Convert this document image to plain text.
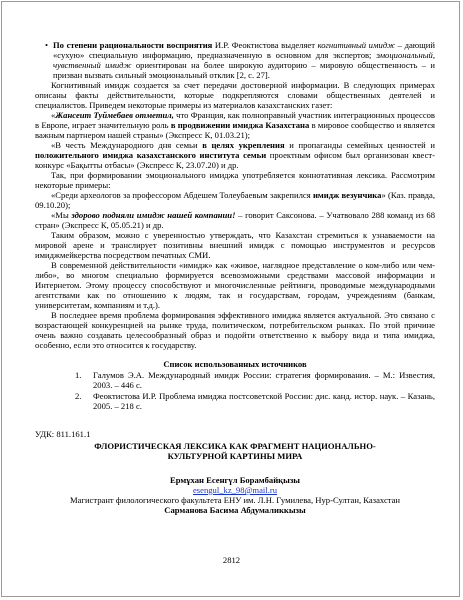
• По степени рациональности восприятия И.Р. Феоктистова выделяет когнитивный имидж – дающий «сухую» специальную информацию, предназначенную в основном для экспертов; эмоциональный, чувственный имидж ориентирован на более широкую аудиторию – мировую общественность – и призван вызвать сильный эмоциональный отклик [2, с. 27].

Когнитивный имидж создается за счет передачи достоверной информации. В следующих примерах описаны факты действительности, которые подкрепляются словами общественных деятелей и специалистов. Приведем некоторые примеры из материалов казахстанских газет:

«Жансеит Туймебаев отметил, что Франция, как полноправный участник интеграционных процессов в Европе, играет значительную роль в продвижении имиджа Казахстана в мировое сообщество и является важным партнером нашей страны» (Экспресс К, 01.03.21);

«В честь Международного дня семьи в целях укрепления и пропаганды семейных ценностей и положительного имиджа казахстанского института семьи проектным офисом был организован квест-конкурс «Бақытты отбасы» (Экспресс К, 23.07.20) и др.

Так, при формировании эмоционального имиджа употребляется коннотативная лексика. Рассмотрим некоторые примеры:

«Среди археологов за профессором Абдешем Толеубаевым закрепился имидж везунчика» (Каз. правда, 09.10.20);

«Мы здорово подняли имидж нашей компании! – говорит Саксонова. – Учатвовало 288 команд из 68 стран» (Экспресс К, 05.05.21) и др.

Таким образом, можно с уверенностью утверждать, что Казахстан стремиться к узнаваемости на мировой арене и транслирует позитивны внешний имидж с помощью инструментов и ресурсов имиджмейкерства посредством печатных СМИ.

В современной действительности «имидж» как «живое, наглядное представление о ком-либо или чем-либо», во многом специально формируется всевозможными средствами массовой информации и Интернетом. Этому процессу способствуют и многочисленные рейтинги, проводимые международными агентствами как по отношению к людям, так и государствам, городам, учреждениям (банкам, университетам, компаниям и т.д.).

В последнее время проблема формирования эффективного имиджа является актуальной. Это связано с возрастающей конкуренцией на рынке труда, политическом, потребительском рынках. По этой причине очень важно создавать целесообразный образ и подойти ответственно к выбору вида и типа имиджа, особенно, если это относится к государству.

Список использованных источников

1. Галумов Э.А. Международный имидж России: стратегия формирования. – М.: Известия, 2003. – 446 с.
2. Феоктистова И.Р. Проблема имиджа постсоветской России: дис. канд. истор. наук. – Казань, 2005. – 218 с.

УДК: 811.161.1

ФЛОРИСТИЧЕСКАЯ ЛЕКСИКА КАК ФРАГМЕНТ НАЦИОНАЛЬНО-

КУЛЬТУРНОЙ КАРТИНЫ МИРА

Ермұхан Есенгүл Борамбайқызы

esengul_kz_98@mail.ru

Магистрант филологического факультета ЕНУ им. Л.Н. Гумилева, Нур-Султан, Казахстан

Сарманова Басима Абдумаликкызы

2812
